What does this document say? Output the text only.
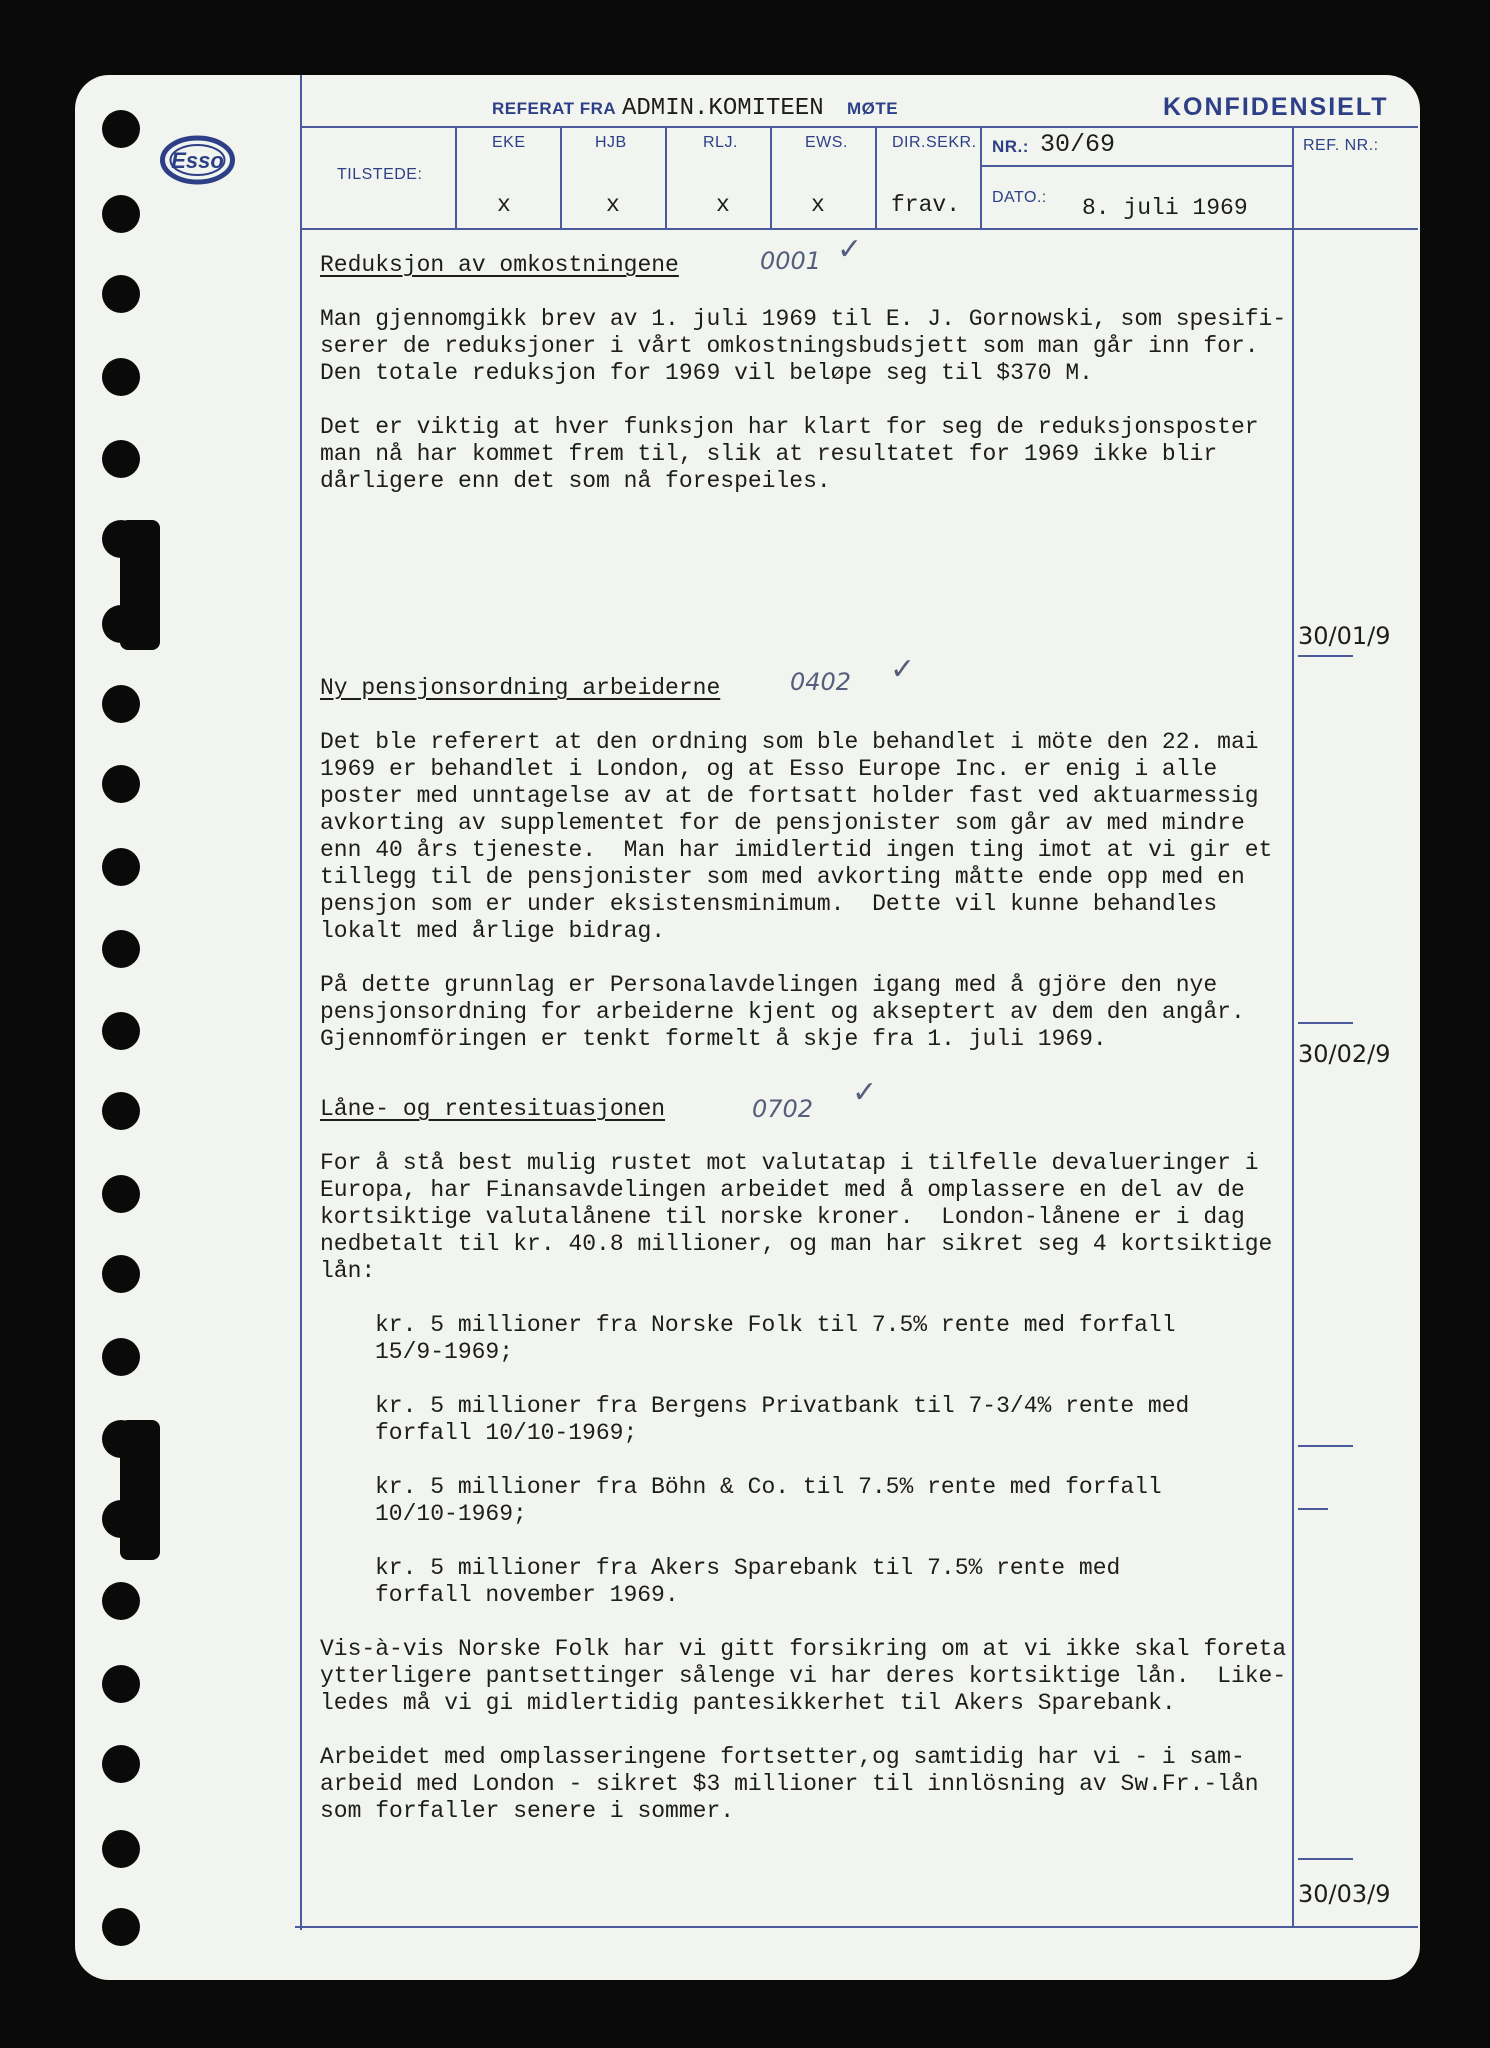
Esso
REFERAT FRA ADMIN.KOMITEEN MØTE	KONFIDENSIELT
TILSTEDE:
EKE	HJB	RLJ.	EWS.	DIR.SEKR.
x	x	x	x	frav.
NR.: 30/69
DATO.: 8. juli 1969
REF. NR.:

Reduksjon av omkostningene

Man gjennomgikk brev av 1. juli 1969 til E. J. Gornowski, som spesifi-

serer de reduksjoner i vårt omkostningsbudsjett som man går inn for.

Den totale reduksjon for 1969 vil beløpe seg til $370 M.

Det er viktig at hver funksjon har klart for seg de reduksjonsposter

man nå har kommet frem til, slik at resultatet for 1969 ikke blir

dårligere enn det som nå forespeiles.

0001 ✓
30/01/9

Ny pensjonsordning arbeiderne

Det ble referert at den ordning som ble behandlet i möte den 22. mai

1969 er behandlet i London, og at Esso Europe Inc. er enig i alle

poster med unntagelse av at de fortsatt holder fast ved aktuarmessig

avkorting av supplementet for de pensjonister som går av med mindre

enn 40 års tjeneste.  Man har imidlertid ingen ting imot at vi gir et

tillegg til de pensjonister som med avkorting måtte ende opp med en

pensjon som er under eksistensminimum.  Dette vil kunne behandles

lokalt med årlige bidrag.

På dette grunnlag er Personalavdelingen igang med å gjöre den nye

pensjonsordning for arbeiderne kjent og akseptert av dem den angår.

Gjennomföringen er tenkt formelt å skje fra 1. juli 1969.

0402 ✓
30/02/9

Låne- og rentesituasjonen

For å stå best mulig rustet mot valutatap i tilfelle devalueringer i

Europa, har Finansavdelingen arbeidet med å omplassere en del av de

kortsiktige valutalånene til norske kroner.  London-lånene er i dag

nedbetalt til kr. 40.8 millioner, og man har sikret seg 4 kortsiktige

lån:

kr. 5 millioner fra Norske Folk til 7.5% rente med forfall

15/9-1969;

kr. 5 millioner fra Bergens Privatbank til 7-3/4% rente med

forfall 10/10-1969;

kr. 5 millioner fra Böhn & Co. til 7.5% rente med forfall

10/10-1969;

kr. 5 millioner fra Akers Sparebank til 7.5% rente med

forfall november 1969.

Vis-à-vis Norske Folk har vi gitt forsikring om at vi ikke skal foreta

ytterligere pantsettinger sålenge vi har deres kortsiktige lån.  Like-

ledes må vi gi midlertidig pantesikkerhet til Akers Sparebank.

Arbeidet med omplasseringene fortsetter,og samtidig har vi - i sam-

arbeid med London - sikret $3 millioner til innlösning av Sw.Fr.-lån

som forfaller senere i sommer.

0702 ✓
30/03/9
